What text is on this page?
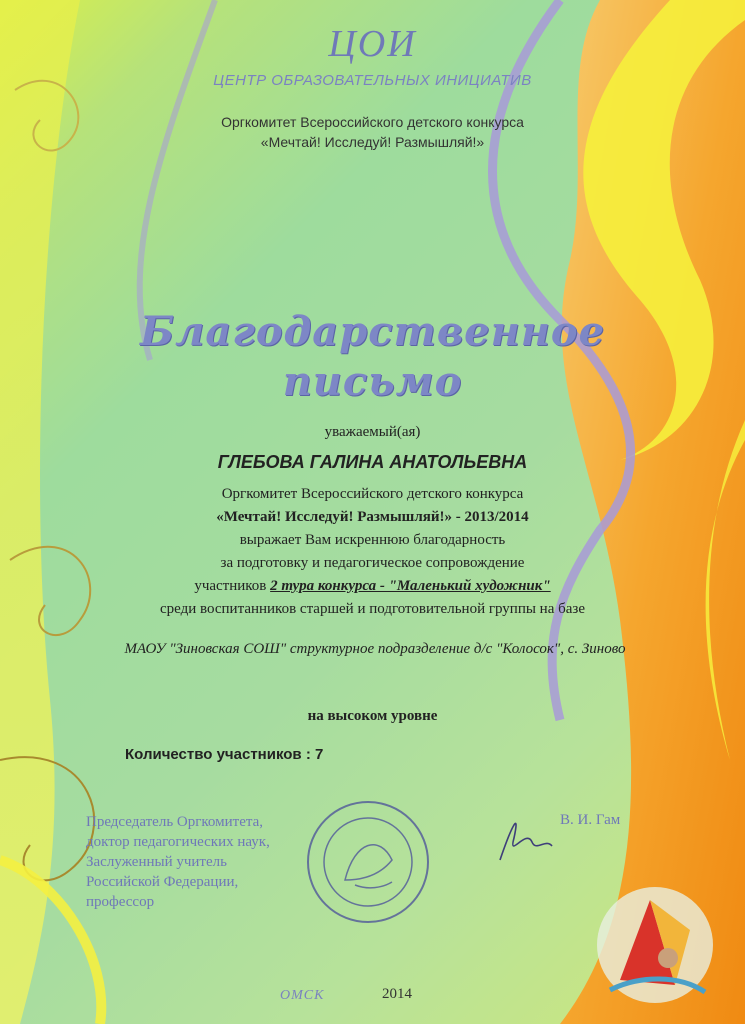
ЦОИ
ЦЕНТР ОБРАЗОВАТЕЛЬНЫХ ИНИЦИАТИВ
Оргкомитет Всероссийского детского конкурса
«Мечтай! Исследуй! Размышляй!»
Благодарственное
письмо
уважаемый(ая)
ГЛЕБОВА ГАЛИНА АНАТОЛЬЕВНА
Оргкомитет Всероссийского детского конкурса
«Мечтай! Исследуй! Размышляй!» - 2013/2014
выражает Вам искреннюю благодарность
за подготовку и педагогическое сопровождение
участников 2 тура конкурса - "Маленький художник"
среди воспитанников старшей и подготовительной группы на базе
МАОУ "Зиновская СОШ" структурное подразделение д/с "Колосок", с. Зиново
на высоком уровне
Количество участников : 7
Председатель Оргкомитета,
доктор педагогических наук,
Заслуженный учитель
Российской Федерации,
профессор
В. И. Гам
ОМСК	2014
